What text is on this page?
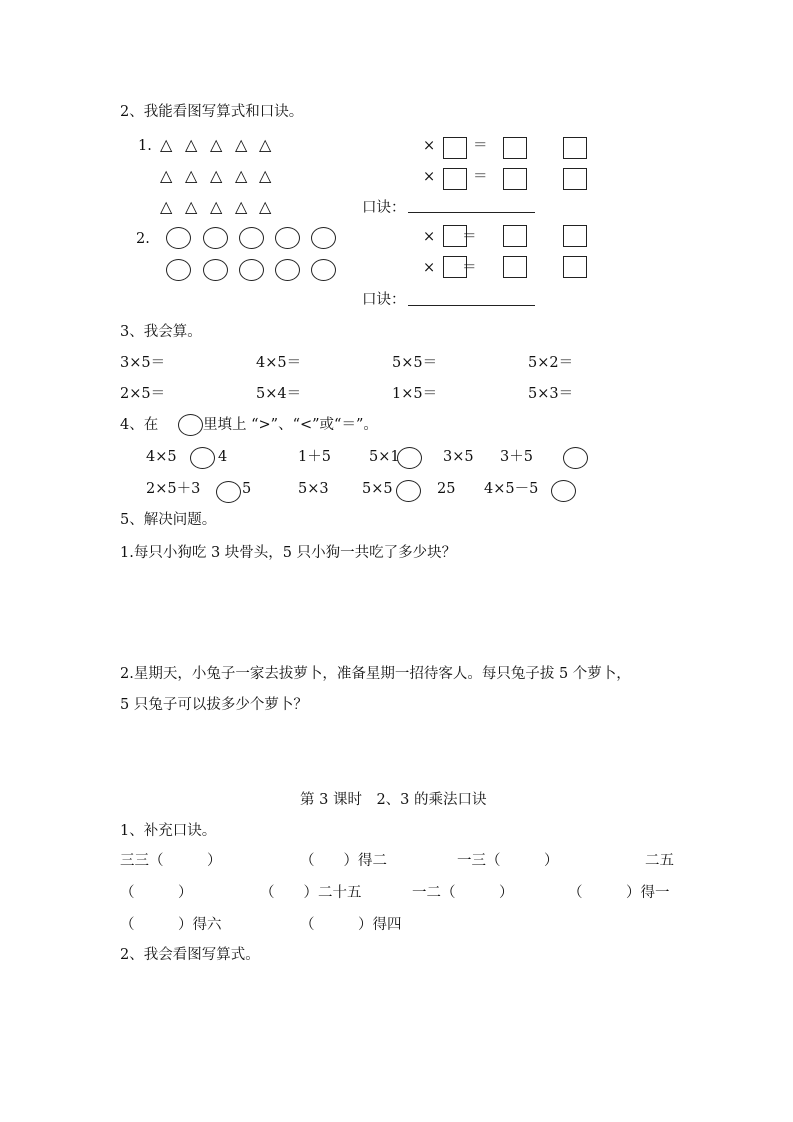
2、我能看图写算式和口诀。
1. △ △ △ △ △
△ △ △ △ △
△ △ △ △ △
×	＝
×	＝
口诀：
2.	× ＝
× ＝
口诀：
3、我会算。
3×5＝	4×5＝	5×5＝	5×2＝
2×5＝	5×4＝	1×5＝	5×3＝
4、在	里填上 “>”、“<”或“＝”。
4×5	4	1＋5	5×1	3×5 3＋5
2×5＋3	5	5×3 5×5	25 4×5－5
5、解决问题。
1.每只小狗吃 3 块骨头，5 只小狗一共吃了多少块？
2.星期天，小兔子一家去拔萝卜，准备星期一招待客人。每只兔子拔 5 个萝卜，
5 只兔子可以拔多少个萝卜？
第 3 课时　2、3 的乘法口诀
1、补充口诀。
三三（　　　）	（　　）得二	一三（　　　）	二五
（　　　）	（　　）二十五	一二（　　　）	（　　　）得一
（　　　）得六	（　　　）得四
2、我会看图写算式。
